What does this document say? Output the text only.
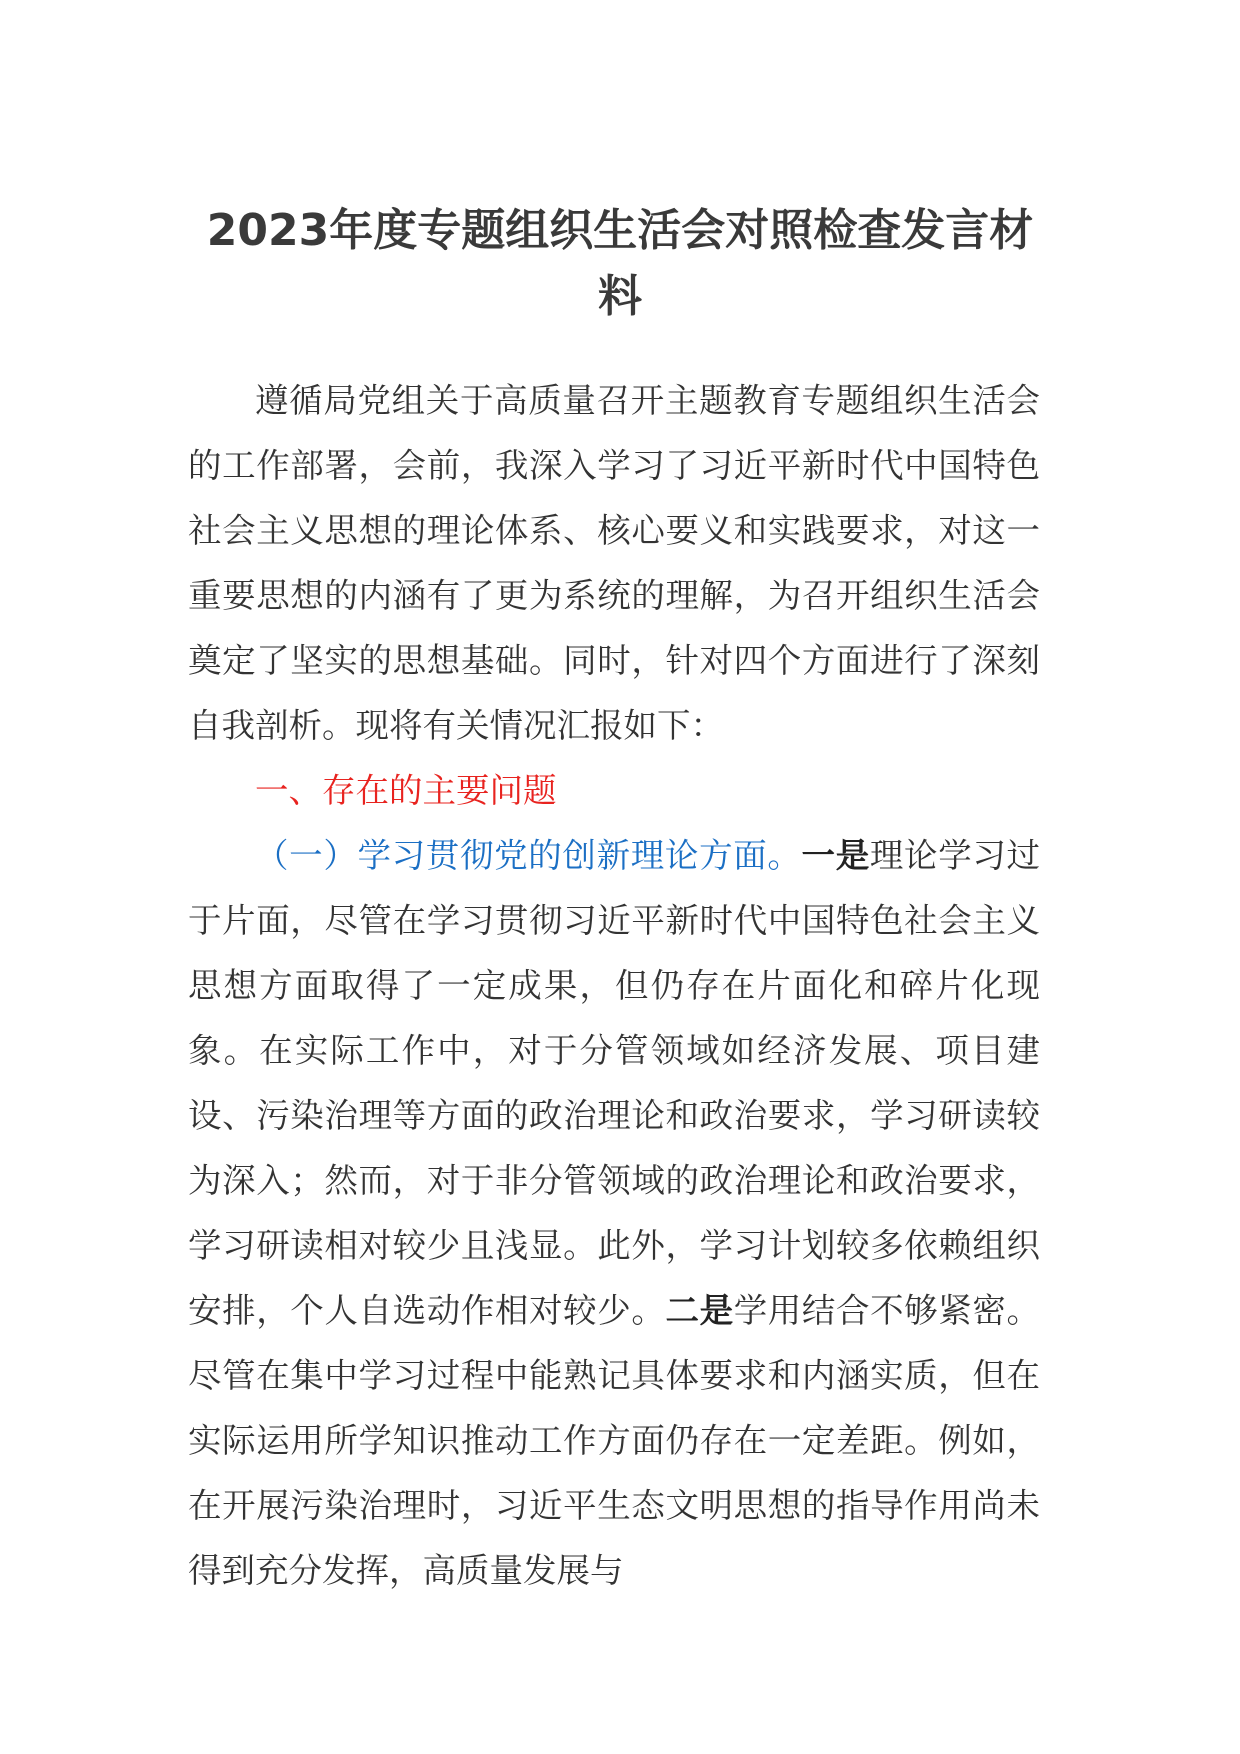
2023年度专题组织生活会对照检查发言材料

遵循局党组关于高质量召开主题教育专题组织生活会的工作部署，会前，我深入学习了习近平新时代中国特色社会主义思想的理论体系、核心要义和实践要求，对这一重要思想的内涵有了更为系统的理解，为召开组织生活会奠定了坚实的思想基础。同时，针对四个方面进行了深刻自我剖析。现将有关情况汇报如下：

一、存在的主要问题

（一）学习贯彻党的创新理论方面。一是理论学习过于片面，尽管在学习贯彻习近平新时代中国特色社会主义思想方面取得了一定成果，但仍存在片面化和碎片化现象。在实际工作中，对于分管领域如经济发展、项目建设、污染治理等方面的政治理论和政治要求，学习研读较为深入；然而，对于非分管领域的政治理论和政治要求，学习研读相对较少且浅显。此外，学习计划较多依赖组织安排，个人自选动作相对较少。二是学用结合不够紧密。尽管在集中学习过程中能熟记具体要求和内涵实质，但在实际运用所学知识推动工作方面仍存在一定差距。例如，在开展污染治理时，习近平生态文明思想的指导作用尚未得到充分发挥，高质量发展与
